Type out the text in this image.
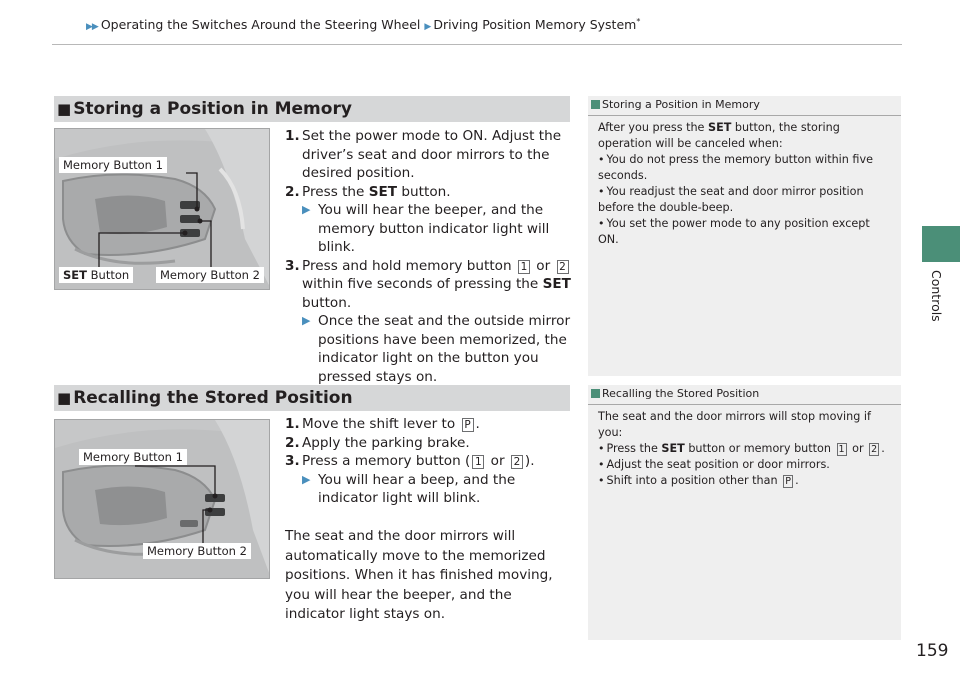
▶▶ Operating the Switches Around the Steering Wheel ▶ Driving Position Memory System*
Controls
■ Storing a Position in Memory
Memory Button 1
SET Button	Memory Button 2
1. Set the power mode to ON. Adjust the driver’s seat and door mirrors to the desired position.
2. Press the SET button.
▶ You will hear the beeper, and the memory button indicator light will blink.
3. Press and hold memory button 1 or 2 within five seconds of pressing the SET button.
▶ Once the seat and the outside mirror positions have been memorized, the indicator light on the button you pressed stays on.
Storing a Position in Memory
After you press the SET button, the storing operation will be canceled when:
• You do not press the memory button within five seconds.
• You readjust the seat and door mirror position before the double-beep.
• You set the power mode to any position except ON.
■ Recalling the Stored Position
Memory Button 1
Memory Button 2
1. Move the shift lever to P .
2. Apply the parking brake.
3. Press a memory button ( 1 or 2 ).
▶ You will hear a beep, and the indicator light will blink.
The seat and the door mirrors will automatically move to the memorized positions. When it has finished moving, you will hear the beeper, and the indicator light stays on.
Recalling the Stored Position
The seat and the door mirrors will stop moving if you:
• Press the SET button or memory button 1 or 2 .
• Adjust the seat position or door mirrors.
• Shift into a position other than P .
159
